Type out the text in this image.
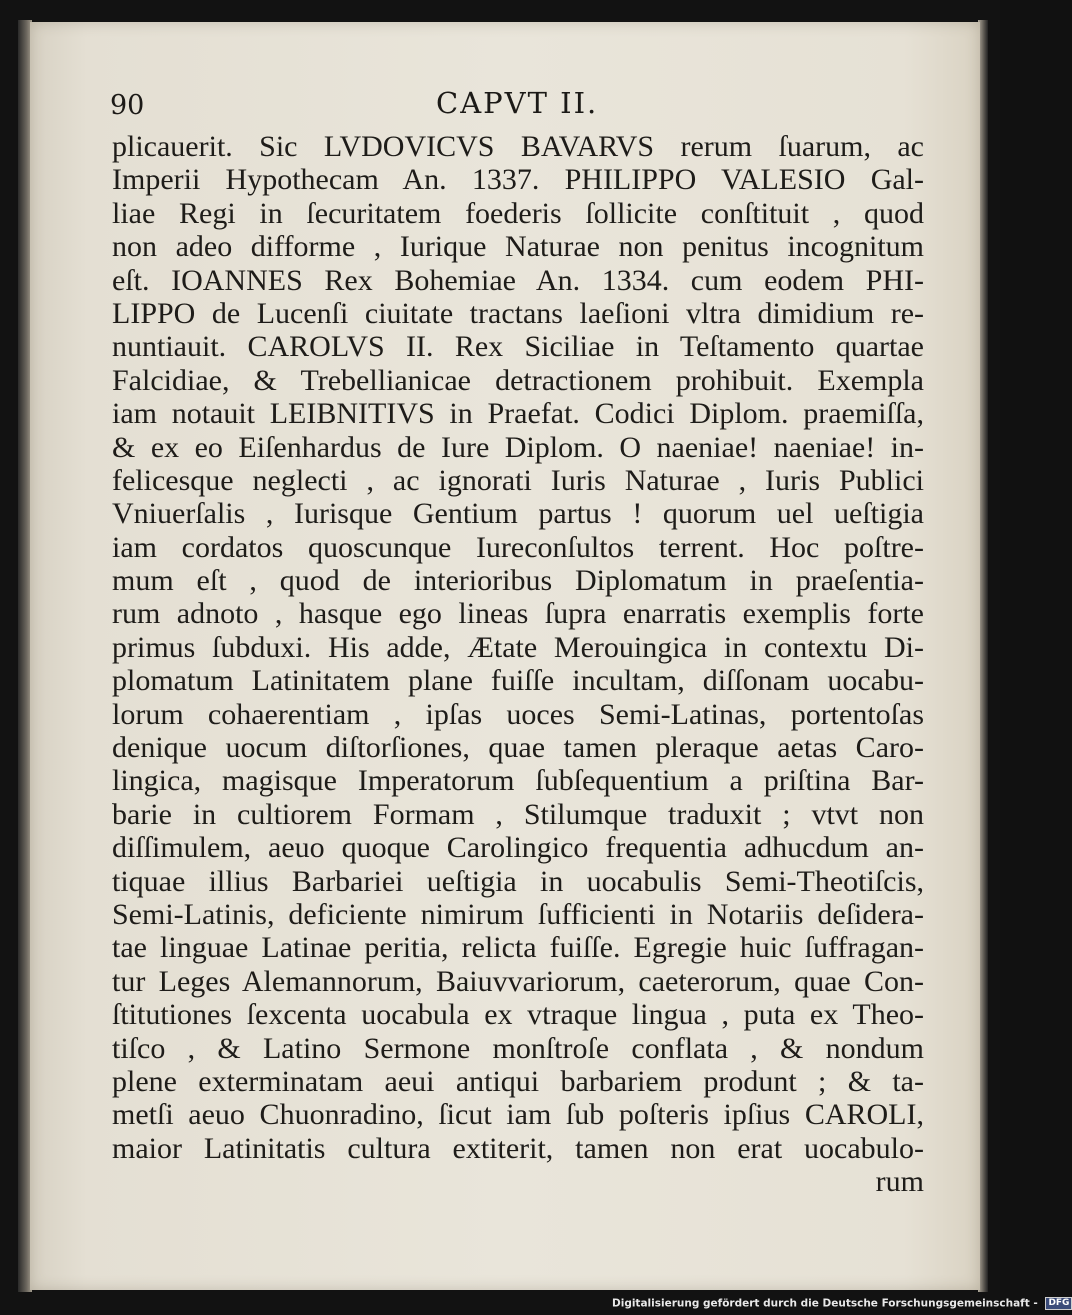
90	CAPVT II.
plicauerit. Sic LVDOVICVS BAVARVS rerum ſuarum, ac
Imperii Hypothecam An. 1337. PHILIPPO VALESIO Gal-
liae Regi in ſecuritatem foederis ſollicite conſtituit , quod
non adeo difforme , Iurique Naturae non penitus incognitum
eſt. IOANNES Rex Bohemiae An. 1334. cum eodem PHI-
LIPPO de Lucenſi ciuitate tractans laeſioni vltra dimidium re-
nuntiauit. CAROLVS II. Rex Siciliae in Teſtamento quartae
Falcidiae, & Trebellianicae detractionem prohibuit. Exempla
iam notauit LEIBNITIVS in Praefat. Codici Diplom. praemiſſa,
& ex eo Eiſenhardus de Iure Diplom. O naeniae! naeniae! in-
felicesque neglecti , ac ignorati Iuris Naturae , Iuris Publici
Vniuerſalis , Iurisque Gentium partus ! quorum uel ueſtigia
iam cordatos quoscunque Iureconſultos terrent. Hoc poſtre-
mum eſt , quod de interioribus Diplomatum in praeſentia-
rum adnoto , hasque ego lineas ſupra enarratis exemplis forte
primus ſubduxi. His adde, Ætate Merouingica in contextu Di-
plomatum Latinitatem plane fuiſſe incultam, diſſonam uocabu-
lorum cohaerentiam , ipſas uoces Semi-Latinas, portentoſas
denique uocum diſtorſiones, quae tamen pleraque aetas Caro-
lingica, magisque Imperatorum ſubſequentium a priſtina Bar-
barie in cultiorem Formam , Stilumque traduxit ; vtvt non
diſſimulem, aeuo quoque Carolingico frequentia adhucdum an-
tiquae illius Barbariei ueſtigia in uocabulis Semi-Theotiſcis,
Semi-Latinis, deficiente nimirum ſufficienti in Notariis deſidera-
tae linguae Latinae peritia, relicta fuiſſe. Egregie huic ſuffragan-
tur Leges Alemannorum, Baiuvvariorum, caeterorum, quae Con-
ſtitutiones ſexcenta uocabula ex vtraque lingua , puta ex Theo-
tiſco , & Latino Sermone monſtroſe conflata , & nondum
plene exterminatam aeui antiqui barbariem produnt ; & ta-
metſi aeuo Chuonradino, ſicut iam ſub poſteris ipſius CAROLI,
maior Latinitatis cultura extiterit, tamen non erat uocabulo-
rum
Digitalisierung gefördert durch die Deutsche Forschungsgemeinschaft - DFG
